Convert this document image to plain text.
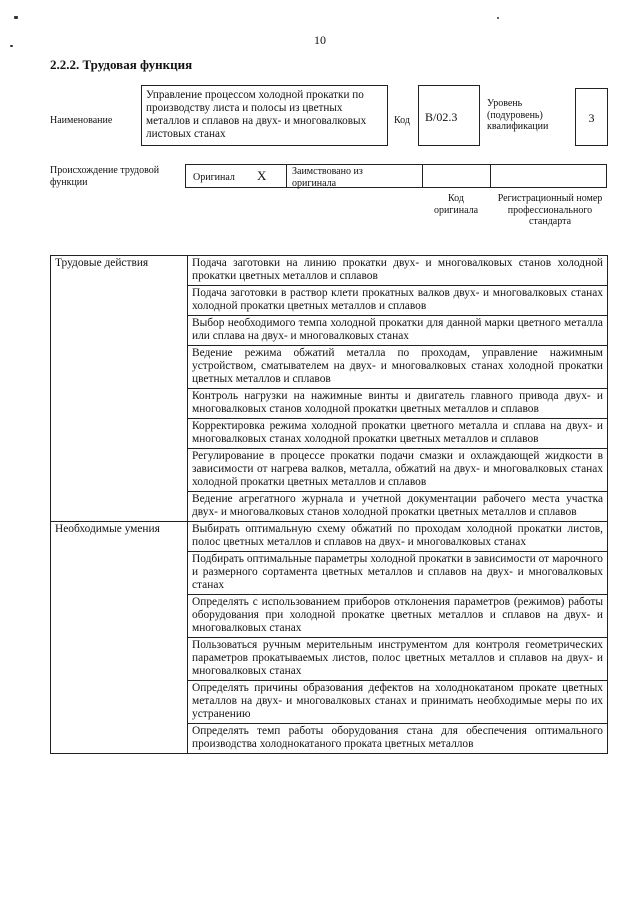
10
2.2.2. Трудовая функция
Наименование
Управление процессом холодной прокатки по производству листа и полосы из цветных металлов и сплавов на двух- и многовалковых листовых станах
Код В/02.3
Уровень (подуровень) квалификации
3
Происхождение трудовой функции	Оригинал X	Заимствовано из оригинала
Код оригинала
Регистрационный номер профессионального стандарта
Трудовые действия	Подача заготовки на линию прокатки двух- и многовалковых станов холодной прокатки цветных металлов и сплавов
	Подача заготовки в раствор клети прокатных валков двух- и многовалковых станах холодной прокатки цветных металлов и сплавов
	Выбор необходимого темпа холодной прокатки для данной марки цветного металла или сплава на двух- и многовалковых станах
	Ведение режима обжатий металла по проходам, управление нажимным устройством, сматывателем на двух- и многовалковых станах холодной прокатки цветных металлов и сплавов
	Контроль нагрузки на нажимные винты и двигатель главного привода двух- и многовалковых станов холодной прокатки цветных металлов и сплавов
	Корректировка режима холодной прокатки цветного металла и сплава на двух- и многовалковых станах холодной прокатки цветных металлов и сплавов
	Регулирование в процессе прокатки подачи смазки и охлаждающей жидкости в зависимости от нагрева валков, металла, обжатий на двух- и многовалковых станах холодной прокатки цветных металлов и сплавов
	Ведение агрегатного журнала и учетной документации рабочего места участка двух- и многовалковых станов холодной прокатки цветных металлов и сплавов
Необходимые умения	Выбирать оптимальную схему обжатий по проходам холодной прокатки листов, полос цветных металлов и сплавов на двух- и многовалковых станах
	Подбирать оптимальные параметры холодной прокатки в зависимости от марочного и размерного сортамента цветных металлов и сплавов на двух- и многовалковых станах
	Определять с использованием приборов отклонения параметров (режимов) работы оборудования при холодной прокатке цветных металлов и сплавов на двух- и многовалковых станах
	Пользоваться ручным мерительным инструментом для контроля геометрических параметров прокатываемых листов, полос цветных металлов и сплавов на двух- и многовалковых станах
	Определять причины образования дефектов на холоднокатаном прокате цветных металлов на двух- и многовалковых станах и принимать необходимые меры по их устранению
	Определять темп работы оборудования стана для обеспечения оптимального производства холоднокатаного проката цветных металлов
